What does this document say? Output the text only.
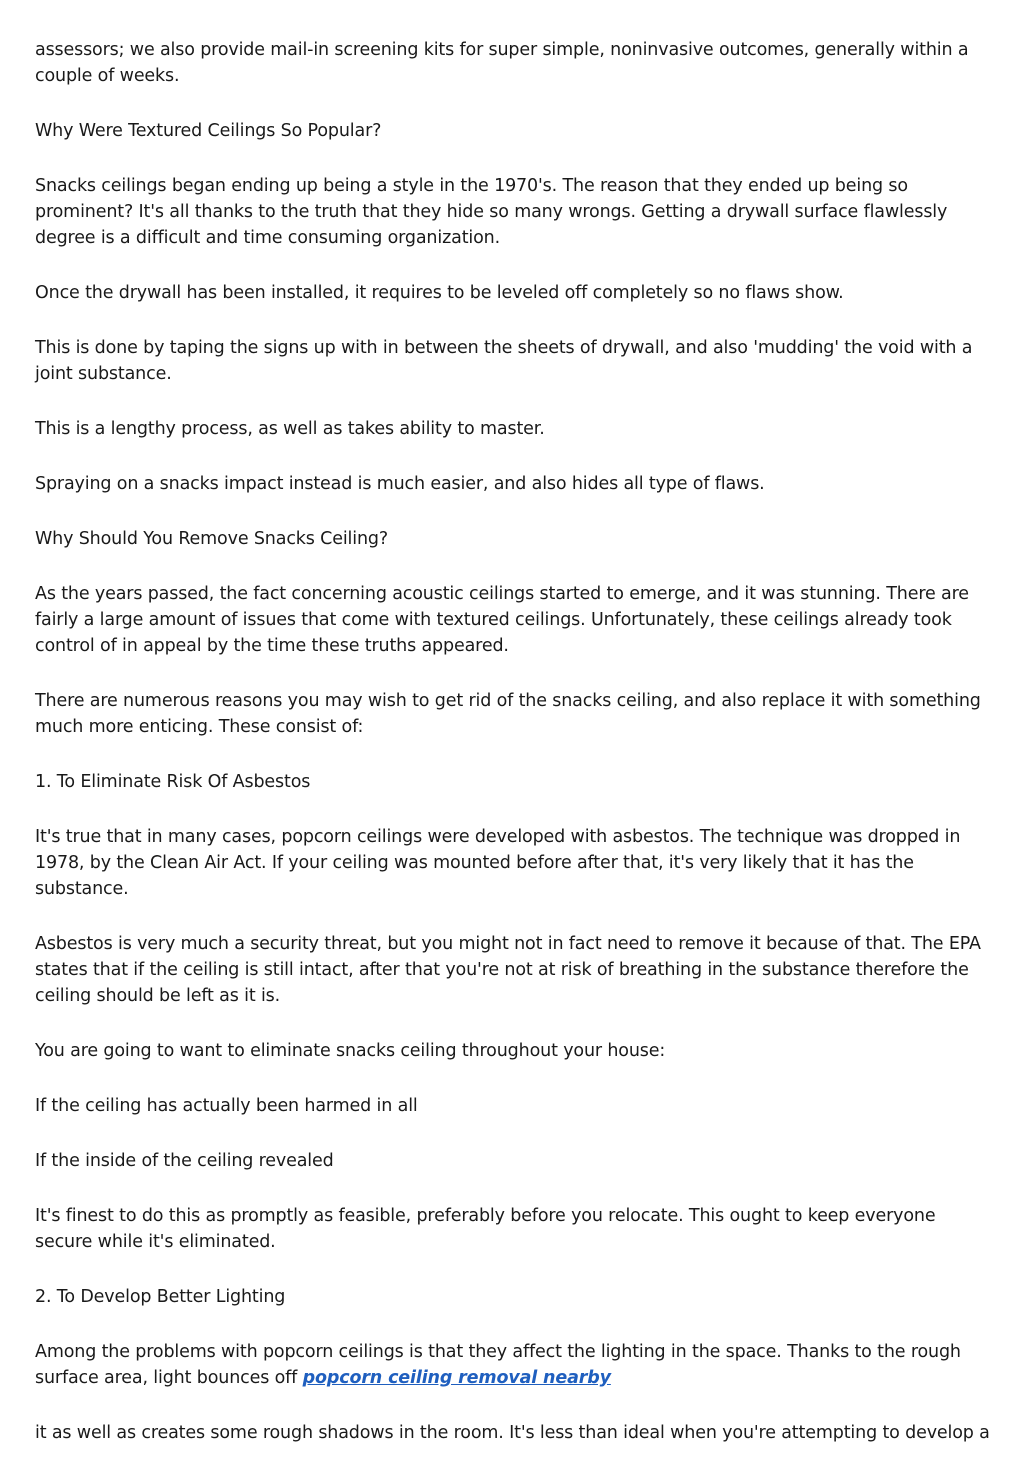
assessors; we also provide mail-in screening kits for super simple, noninvasive outcomes, generally within a couple of weeks.

Why Were Textured Ceilings So Popular?

Snacks ceilings began ending up being a style in the 1970's. The reason that they ended up being so prominent? It's all thanks to the truth that they hide so many wrongs. Getting a drywall surface flawlessly degree is a difficult and time consuming organization.

Once the drywall has been installed, it requires to be leveled off completely so no flaws show.

This is done by taping the signs up with in between the sheets of drywall, and also 'mudding' the void with a joint substance.

This is a lengthy process, as well as takes ability to master.

Spraying on a snacks impact instead is much easier, and also hides all type of flaws.

Why Should You Remove Snacks Ceiling?

As the years passed, the fact concerning acoustic ceilings started to emerge, and it was stunning. There are fairly a large amount of issues that come with textured ceilings. Unfortunately, these ceilings already took control of in appeal by the time these truths appeared.

There are numerous reasons you may wish to get rid of the snacks ceiling, and also replace it with something much more enticing. These consist of:

1. To Eliminate Risk Of Asbestos

It's true that in many cases, popcorn ceilings were developed with asbestos. The technique was dropped in 1978, by the Clean Air Act. If your ceiling was mounted before after that, it's very likely that it has the substance.

Asbestos is very much a security threat, but you might not in fact need to remove it because of that. The EPA states that if the ceiling is still intact, after that you're not at risk of breathing in the substance therefore the ceiling should be left as it is.

You are going to want to eliminate snacks ceiling throughout your house:

If the ceiling has actually been harmed in all

If the inside of the ceiling revealed

It's finest to do this as promptly as feasible, preferably before you relocate. This ought to keep everyone secure while it's eliminated.

2. To Develop Better Lighting

Among the problems with popcorn ceilings is that they affect the lighting in the space. Thanks to the rough surface area, light bounces off popcorn ceiling removal nearby

it as well as creates some rough shadows in the room. It's less than ideal when you're attempting to develop a
